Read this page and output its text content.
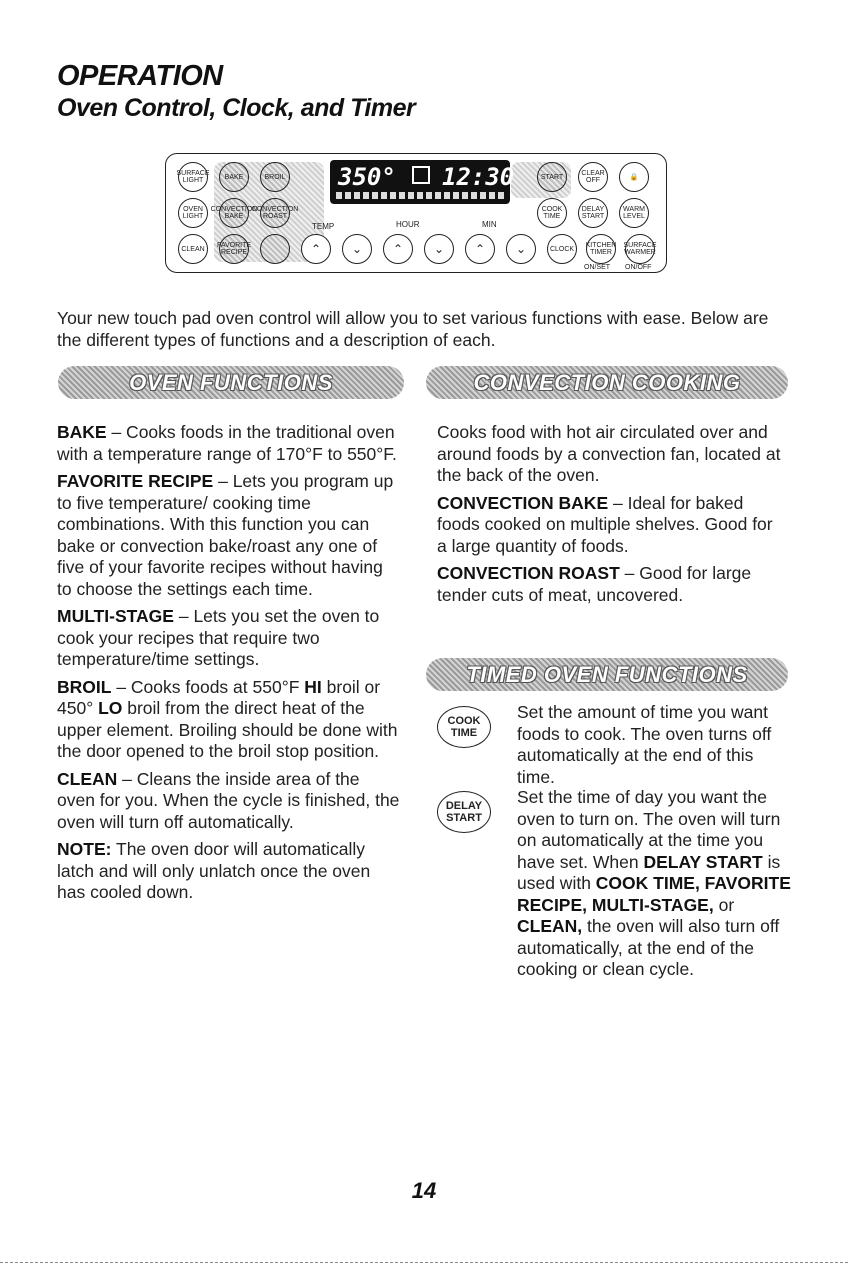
OPERATION
Oven Control, Clock, and Timer
SURFACE LIGHT	BAKE	BROIL
OVEN LIGHT
CONVECTION BAKE
CONVECTION ROAST
CLEAN	FAVORITE RECIPE	⌃	⌄
TEMP
350° 12:30
HOUR	MIN
⌃	⌄	⌃	⌄
START	CLEAR OFF	🔒
COOK TIME
DELAY START
WARM LEVEL
CLOCK	KITCHEN TIMER
SURFACE WARMER
ON/SET ON/OFF

Your new touch pad oven control will allow you to set various functions with ease. Below are the different types of functions and a description of each.

OVEN FUNCTIONS	CONVECTION COOKING

BAKE – Cooks foods in the traditional oven with a temperature range of 170°F to 550°F.

FAVORITE RECIPE – Lets you program up to five temperature/ cooking time combinations. With this function you can bake or convection bake/roast any one of five of your favorite recipes without having to choose the settings each time.

MULTI-STAGE – Lets you set the oven to cook your recipes that require two temperature/time settings.

BROIL – Cooks foods at 550°F HI broil or 450° LO broil from the direct heat of the upper element. Broiling should be done with the door opened to the broil stop position.

CLEAN – Cleans the inside area of the oven for you. When the cycle is finished, the oven will turn off automatically.

NOTE: The oven door will automatically latch and will only unlatch once the oven has cooled down.

Cooks food with hot air circulated over and around foods by a convection fan, located at the back of the oven.

CONVECTION BAKE – Ideal for baked foods cooked on multiple shelves. Good for a large quantity of foods.

CONVECTION ROAST – Good for large tender cuts of meat, uncovered.

TIMED OVEN FUNCTIONS
COOK
TIME

Set the amount of time you want foods to cook. The oven turns off automatically at the end of this time.

DELAY
START

Set the time of day you want the oven to turn on. The oven will turn on automatically at the time you have set. When DELAY START is used with COOK TIME, FAVORITE RECIPE, MULTI-STAGE, or CLEAN, the oven will also turn off automatically, at the end of the cooking or clean cycle.

14
